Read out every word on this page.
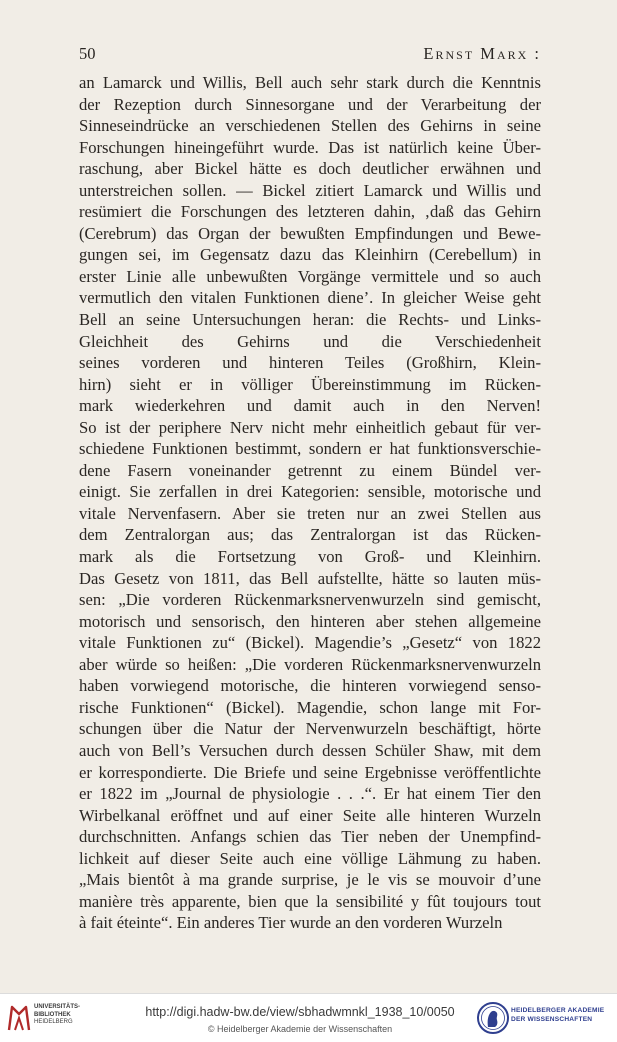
50	Ernst Marx :
an Lamarck und Willis, Bell auch sehr stark durch die Kenntnis
der Rezeption durch Sinnesorgane und der Verarbeitung der
Sinneseindrücke an verschiedenen Stellen des Gehirns in seine
Forschungen hineingeführt wurde. Das ist natürlich keine Über-
raschung, aber Bickel hätte es doch deutlicher erwähnen und
unterstreichen sollen. — Bickel zitiert Lamarck und Willis und
resümiert die Forschungen des letzteren dahin, ‚daß das Gehirn
(Cerebrum) das Organ der bewußten Empfindungen und Bewe-
gungen sei, im Gegensatz dazu das Kleinhirn (Cerebellum) in
erster Linie alle unbewußten Vorgänge vermittele und so auch
vermutlich den vitalen Funktionen diene’. In gleicher Weise geht
Bell an seine Untersuchungen heran: die Rechts- und Links-
Gleichheit des Gehirns und die Verschiedenheit
seines vorderen und hinteren Teiles (Großhirn, Klein-
hirn) sieht er in völliger Übereinstimmung im Rücken-
mark wiederkehren und damit auch in den Nerven!
So ist der periphere Nerv nicht mehr einheitlich gebaut für ver-
schiedene Funktionen bestimmt, sondern er hat funktionsverschie-
dene Fasern voneinander getrennt zu einem Bündel ver-
einigt. Sie zerfallen in drei Kategorien: sensible, motorische und
vitale Nervenfasern. Aber sie treten nur an zwei Stellen aus
dem Zentralorgan aus; das Zentralorgan ist das Rücken-
mark als die Fortsetzung von Groß- und Kleinhirn.
Das Gesetz von 1811, das Bell aufstellte, hätte so lauten müs-
sen: „Die vorderen Rückenmarksnervenwurzeln sind gemischt,
motorisch und sensorisch, den hinteren aber stehen allgemeine
vitale Funktionen zu“ (Bickel). Magendie’s „Gesetz“ von 1822
aber würde so heißen: „Die vorderen Rückenmarksnervenwurzeln
haben vorwiegend motorische, die hinteren vorwiegend senso-
rische Funktionen“ (Bickel). Magendie, schon lange mit For-
schungen über die Natur der Nervenwurzeln beschäftigt, hörte
auch von Bell’s Versuchen durch dessen Schüler Shaw, mit dem
er korrespondierte. Die Briefe und seine Ergebnisse veröffentlichte
er 1822 im „Journal de physiologie . . .“. Er hat einem Tier den
Wirbelkanal eröffnet und auf einer Seite alle hinteren Wurzeln
durchschnitten. Anfangs schien das Tier neben der Unempfind-
lichkeit auf dieser Seite auch eine völlige Lähmung zu haben.
„Mais bientôt à ma grande surprise, je le vis se mouvoir d’une
manière très apparente, bien que la sensibilité y fût toujours tout
à fait éteinte“. Ein anderes Tier wurde an den vorderen Wurzeln
UNIVERSITÄTS-
BIBLIOTHEK
HEIDELBERG
http://digi.hadw-bw.de/view/sbhadwmnkl_1938_10/0050
© Heidelberger Akademie der Wissenschaften
HEIDELBERGER AKADEMIE
DER WISSENSCHAFTEN
